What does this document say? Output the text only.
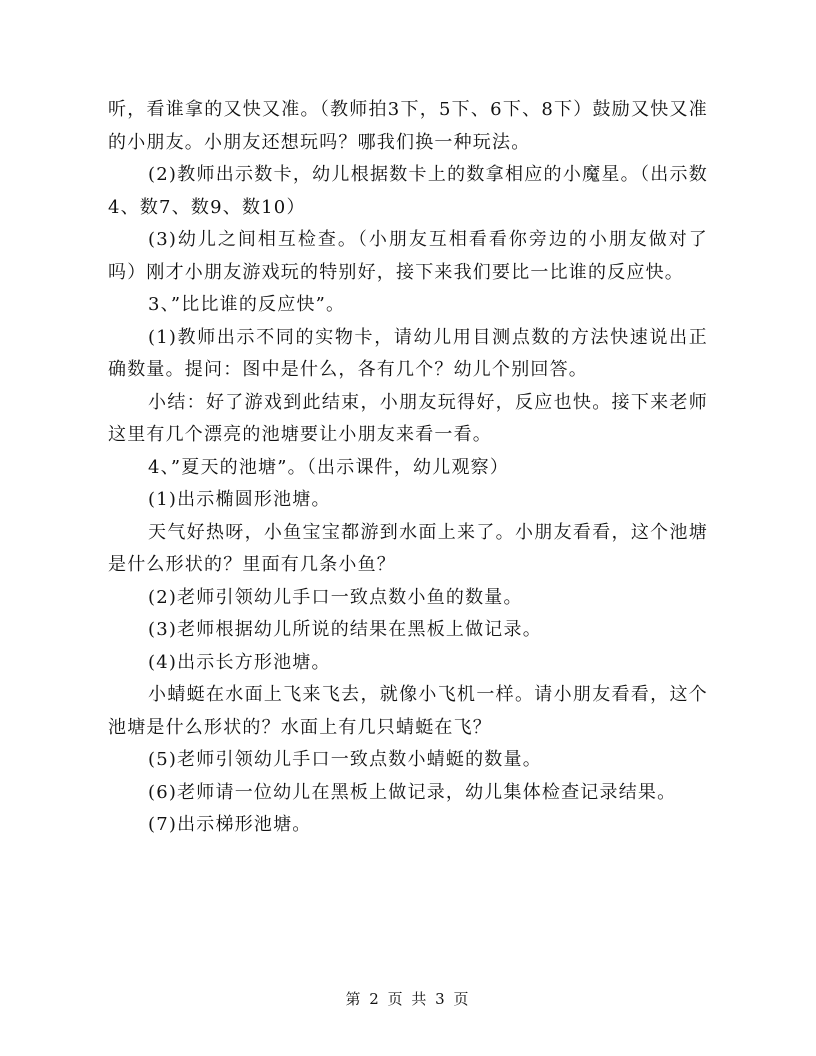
听，看谁拿的又快又准。（教师拍3下，5下、6下、8下）鼓励又快又准的小朋友。小朋友还想玩吗？哪我们换一种玩法。

(2)教师出示数卡，幼儿根据数卡上的数拿相应的小魔星。（出示数4、数7、数9、数10）

(3)幼儿之间相互检查。（小朋友互相看看你旁边的小朋友做对了吗）刚才小朋友游戏玩的特别好，接下来我们要比一比谁的反应快。

3、”比比谁的反应快”。

(1)教师出示不同的实物卡，请幼儿用目测点数的方法快速说出正确数量。提问：图中是什么，各有几个？幼儿个别回答。

小结：好了游戏到此结束，小朋友玩得好，反应也快。接下来老师这里有几个漂亮的池塘要让小朋友来看一看。

4、”夏天的池塘”。（出示课件，幼儿观察）

(1)出示椭圆形池塘。

天气好热呀，小鱼宝宝都游到水面上来了。小朋友看看，这个池塘是什么形状的？里面有几条小鱼？

(2)老师引领幼儿手口一致点数小鱼的数量。

(3)老师根据幼儿所说的结果在黑板上做记录。

(4)出示长方形池塘。

小蜻蜓在水面上飞来飞去，就像小飞机一样。请小朋友看看，这个池塘是什么形状的？水面上有几只蜻蜓在飞？

(5)老师引领幼儿手口一致点数小蜻蜓的数量。

(6)老师请一位幼儿在黑板上做记录，幼儿集体检查记录结果。

(7)出示梯形池塘。

第 2 页 共 3 页
